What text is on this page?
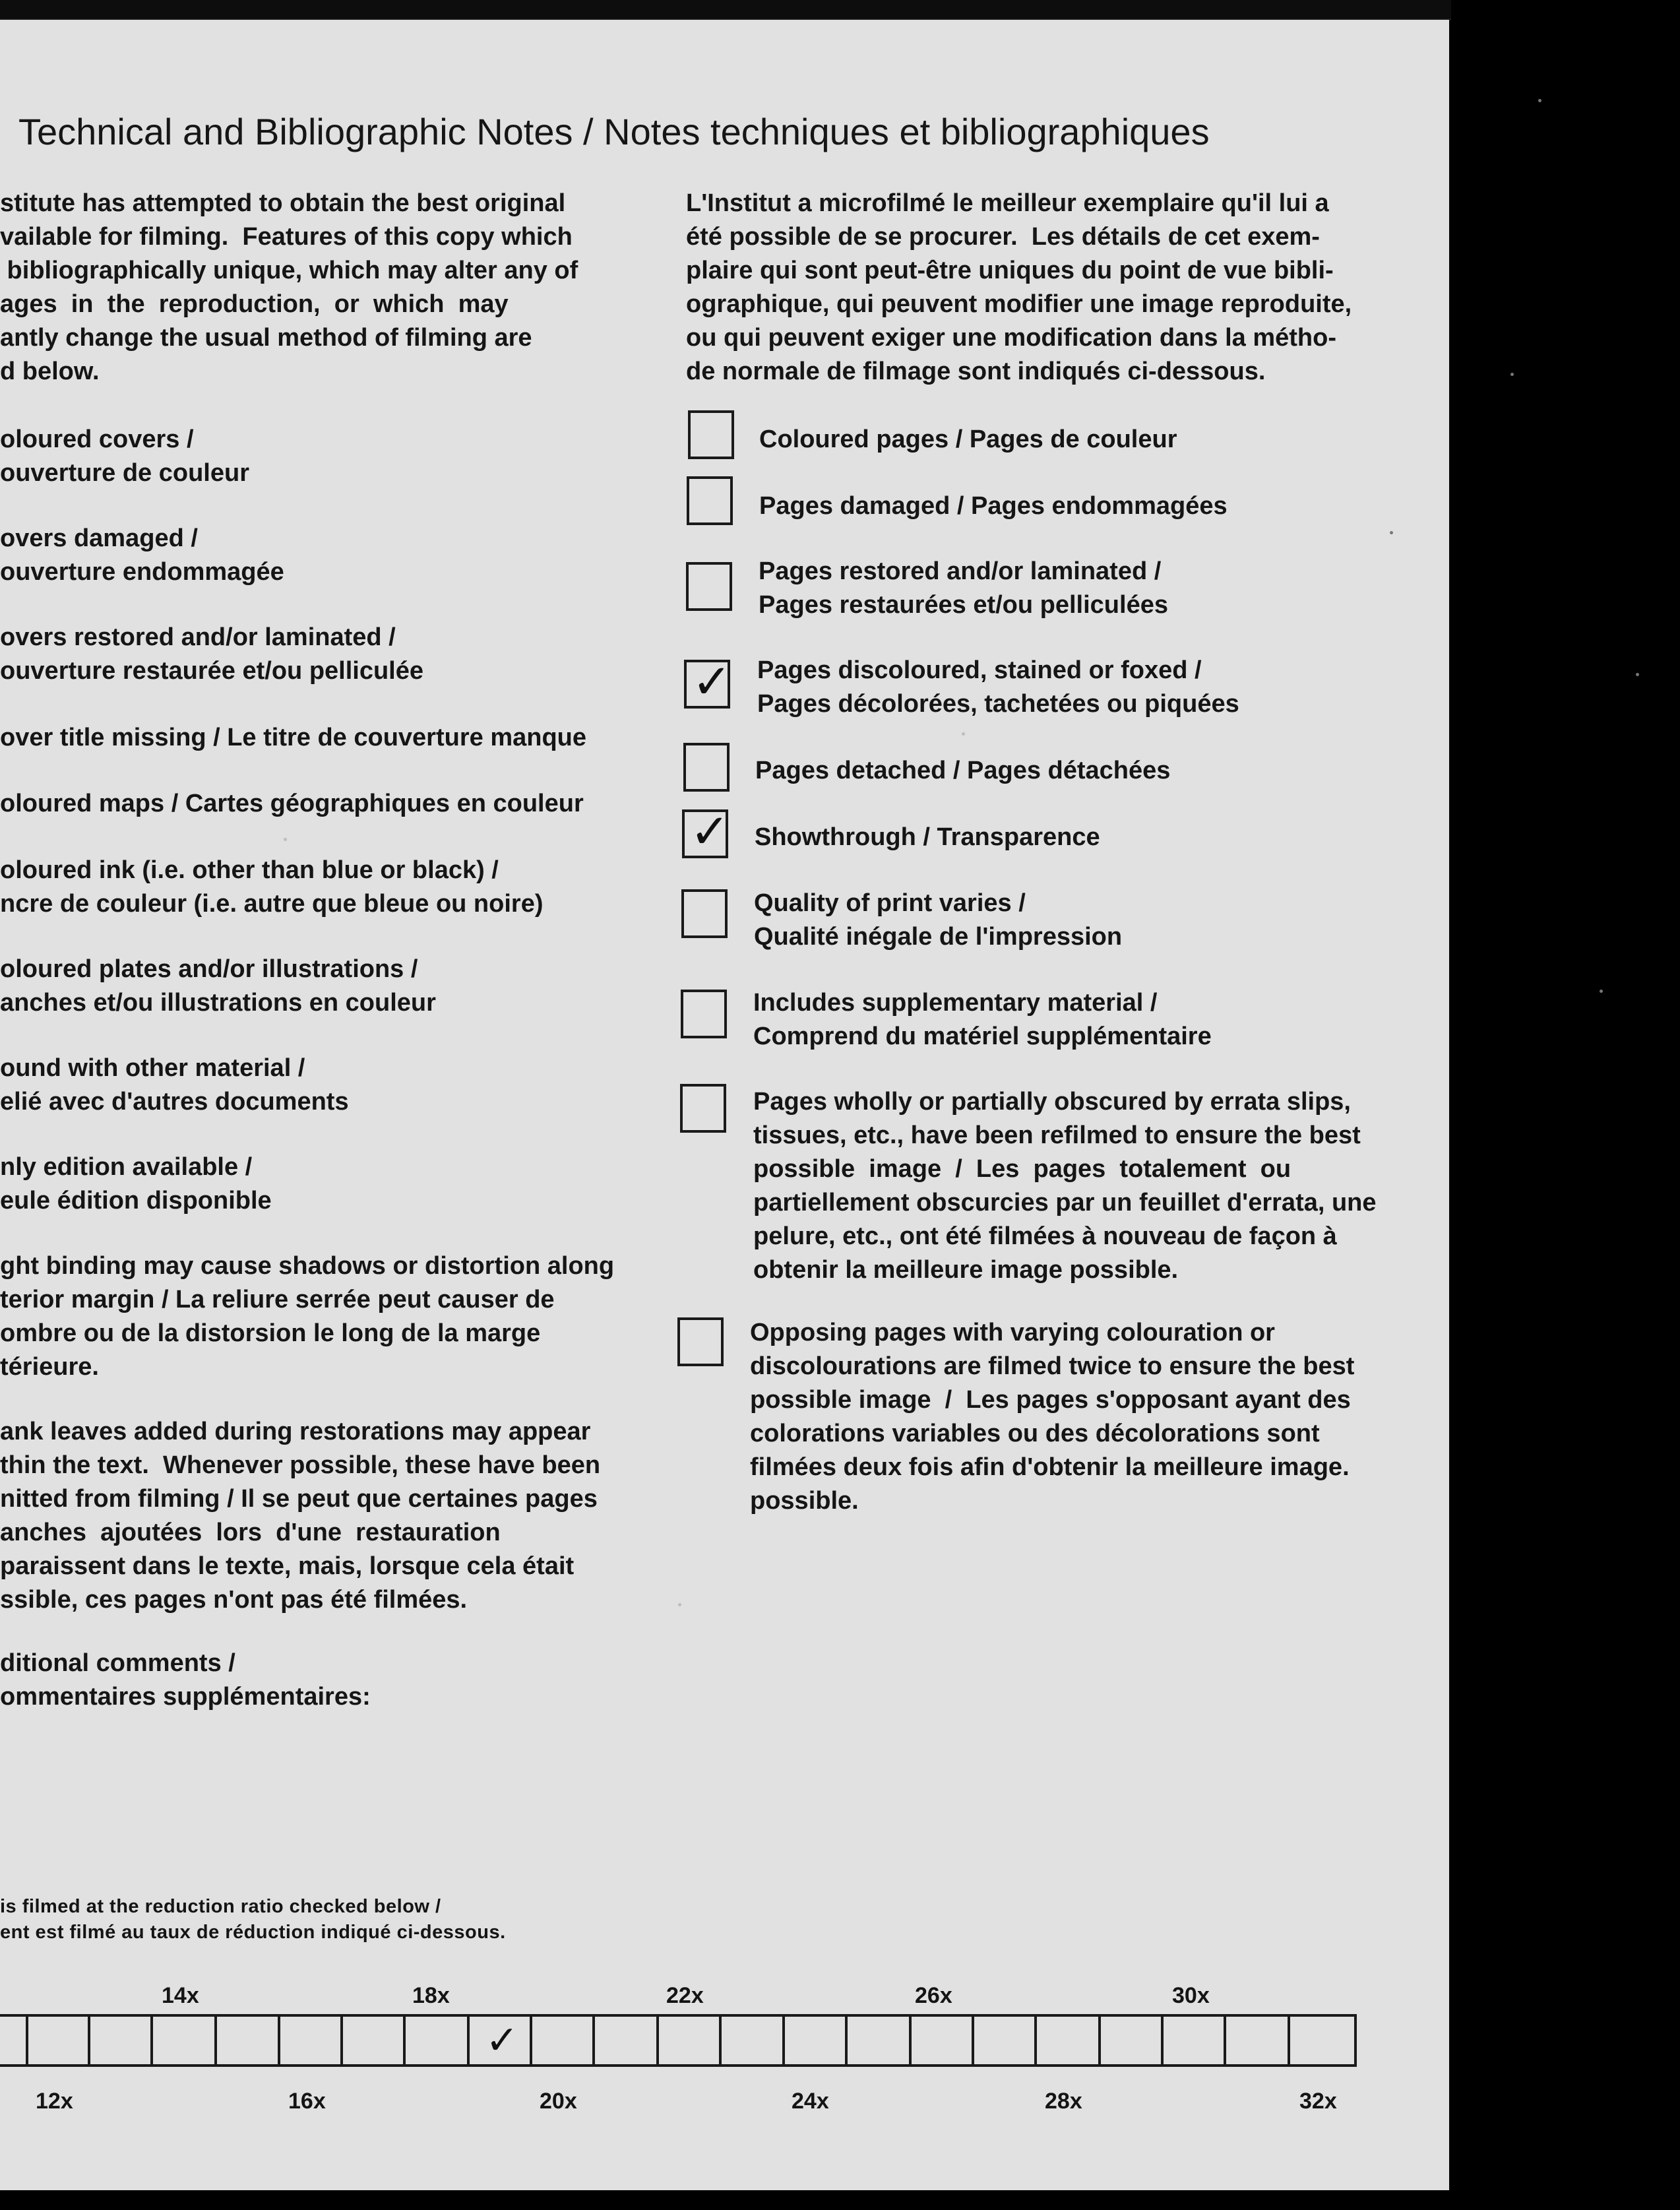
Technical and Bibliographic Notes / Notes techniques et bibliographiques
stitute has attempted to obtain the best original
vailable for filming.  Features of this copy which
bibliographically unique, which may alter any of
ages  in  the  reproduction,  or  which  may
antly change the usual method of filming are
d below.
L'Institut a microfilmé le meilleur exemplaire qu'il lui a
été possible de se procurer.  Les détails de cet exem-
plaire qui sont peut-être uniques du point de vue bibli-
ographique, qui peuvent modifier une image reproduite,
ou qui peuvent exiger une modification dans la métho-
de normale de filmage sont indiqués ci-dessous.
oloured covers /
ouverture de couleur
overs damaged /
ouverture endommagée
overs restored and/or laminated /
ouverture restaurée et/ou pelliculée
over title missing / Le titre de couverture manque
oloured maps / Cartes géographiques en couleur
oloured ink (i.e. other than blue or black) /
ncre de couleur (i.e. autre que bleue ou noire)
oloured plates and/or illustrations /
anches et/ou illustrations en couleur
ound with other material /
elié avec d'autres documents
nly edition available /
eule édition disponible
ght binding may cause shadows or distortion along
terior margin / La reliure serrée peut causer de
ombre ou de la distorsion le long de la marge
térieure.
ank leaves added during restorations may appear
thin the text.  Whenever possible, these have been
nitted from filming / Il se peut que certaines pages
anches  ajoutées  lors  d'une  restauration
paraissent dans le texte, mais, lorsque cela était
ssible, ces pages n'ont pas été filmées.
ditional comments /
ommentaires supplémentaires:
Coloured pages / Pages de couleur
Pages damaged / Pages endommagées
Pages restored and/or laminated /
Pages restaurées et/ou pelliculées
✓ Pages discoloured, stained or foxed /
Pages décolorées, tachetées ou piquées
Pages detached / Pages détachées
✓ Showthrough / Transparence
Quality of print varies /
Qualité inégale de l'impression
Includes supplementary material /
Comprend du matériel supplémentaire
Pages wholly or partially obscured by errata slips,
tissues, etc., have been refilmed to ensure the best
possible  image  /  Les  pages  totalement  ou
partiellement obscurcies par un feuillet d'errata, une
pelure, etc., ont été filmées à nouveau de façon à
obtenir la meilleure image possible.
Opposing pages with varying colouration or
discolourations are filmed twice to ensure the best
possible image  /  Les pages s'opposant ayant des
colorations variables ou des décolorations sont
filmées deux fois afin d'obtenir la meilleure image.
possible.
is filmed at the reduction ratio checked below /
ent est filmé au taux de réduction indiqué ci-dessous.
14x	18x	22x	26x	30x
✓
12x	16x	20x	24x	28x	32x
